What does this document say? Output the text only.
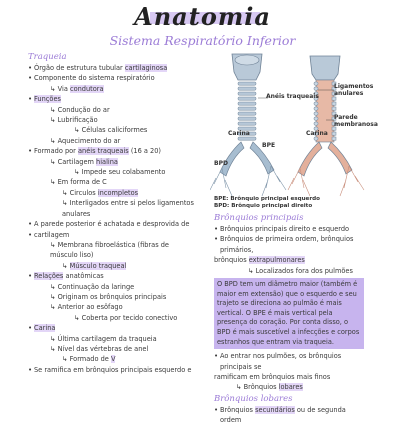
Anatomia
Sistema Respiratório Inferior
Traqueia
• Órgão de estrutura tubular cartilaginosa
• Componente do sistema respiratório
↳ Via condutora
• Funções
↳ Condução do ar
↳ Lubrificação
↳ Células caliciformes
↳ Aquecimento do ar
• Formado por anéis traqueais (16 a 20)
↳ Cartilagem hialina
↳ Impede seu colabamento
↳ Em forma de C
↳ Circulos incompletos
↳ Interligados entre si pelos ligamentos
anulares
• A parede posterior é achatada e desprovida de
• cartilagem
↳ Membrana fibroelástica (fibras de músculo liso)
↳ Músculo traqueal
• Relações anatômicas
↳ Continuação da laringe
↳ Originam os brônquios principais
↳ Anterior ao esôfago
↳ Coberta por tecido conectivo
• Carina
↳ Última cartilagem da traqueia
↳ Nível das vértebras de anel
↳ Formado de V
• Se ramifica em brônquios principais esquerdo e
Anéis traqueais
Ligamentos anulares
Parede membranosa
Carina	Carina
BPE
BPD
BPE: Brônquio principal esquerdo
BPD: Brônquio principal direito
Brônquios principais
• Brônquios principais direito e esquerdo
• Brônquios de primeira ordem, brônquios primários,
brônquios extrapulmonares
↳ Localizados fora dos pulmões
O BPD tem um diâmetro maior (também é maior em extensão) que o esquerdo e seu trajeto se direciona ao pulmão é mais vertical. O BPE é mais vertical pela presença do coração. Por conta disso, o BPD é mais suscetível a infecções e corpos estranhos que entram via traqueia.
• Ao entrar nos pulmões, os brônquios principais se
ramificam em brônquios mais finos
↳ Brônquios lobares
Brônquios lobares
• Brônquios secundários ou de segunda ordem
